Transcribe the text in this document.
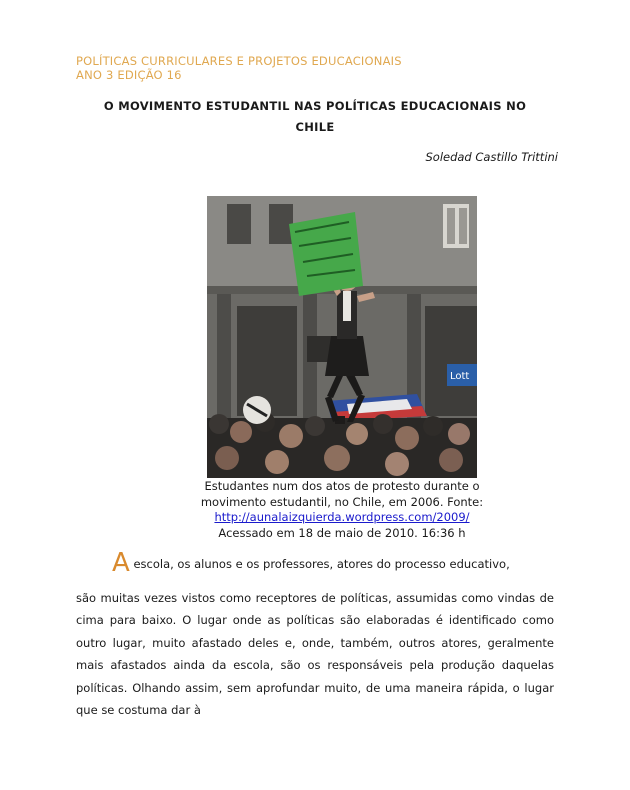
POLÍTICAS CURRICULARES E PROJETOS EDUCACIONAIS
ANO 3 EDIÇÃO 16
O MOVIMENTO ESTUDANTIL NAS POLÍTICAS EDUCACIONAIS NO
CHILE
Soledad Castillo Trittini
Lott
Estudantes num dos atos de protesto durante o
movimento estudantil, no Chile, em 2006. Fonte:
http://aunalaizquierda.wordpress.com/2009/
Acessado em 18 de maio de 2010. 16:36 h
A escola, os alunos e os professores, atores do processo educativo,
são muitas vezes vistos como receptores de políticas, assumidas como vindas de cima para baixo. O lugar onde as políticas são elaboradas é identificado como outro lugar, muito afastado deles e, onde, também, outros atores, geralmente mais afastados ainda da escola, são os responsáveis pela produção daquelas políticas. Olhando assim, sem aprofundar muito, de uma maneira rápida, o lugar que se costuma dar à
